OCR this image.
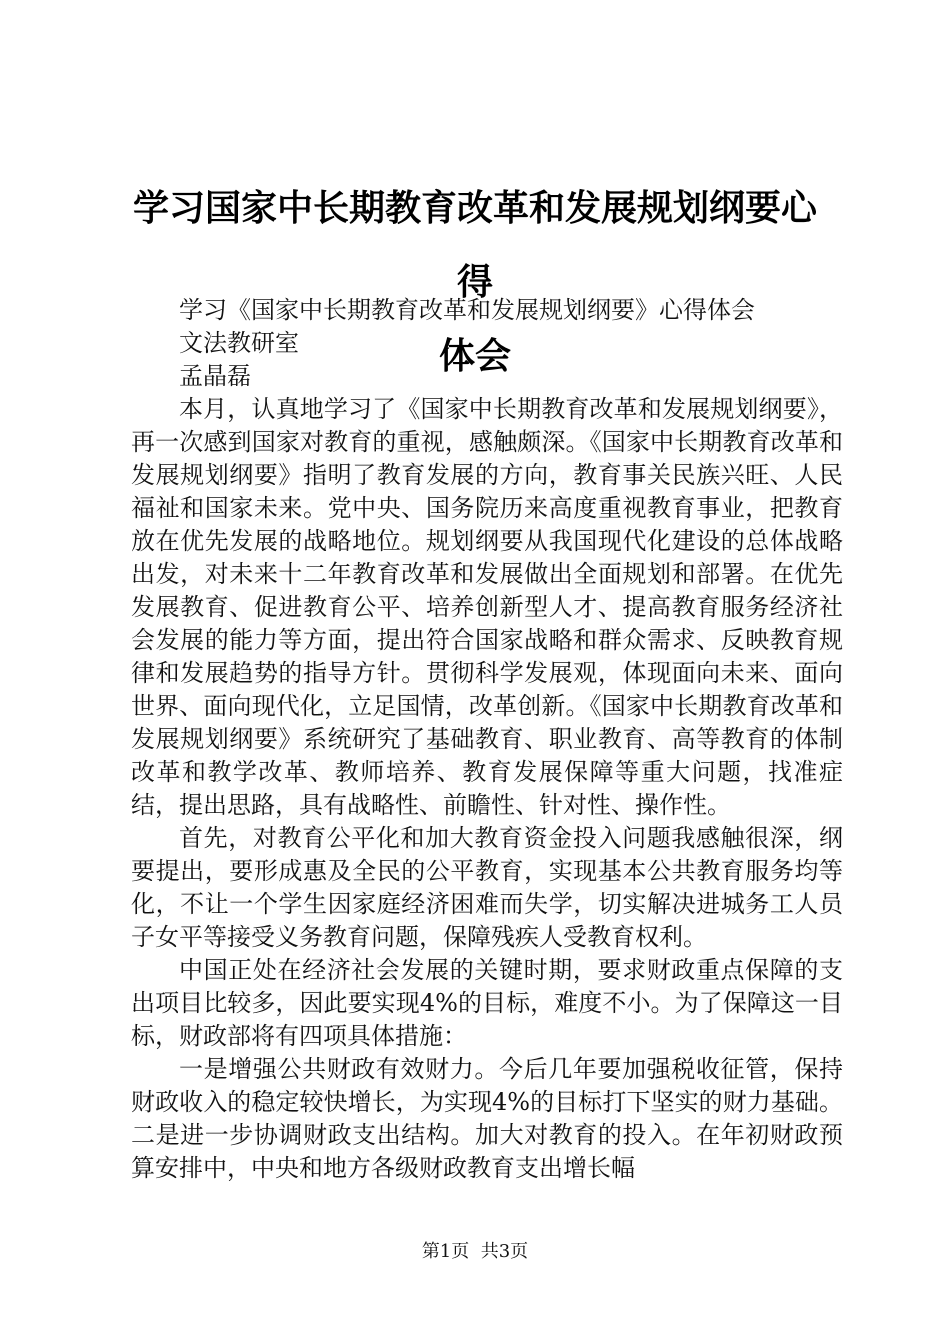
学习国家中长期教育改革和发展规划纲要心得
体会

学习《国家中长期教育改革和发展规划纲要》心得体会

文法教研室

孟晶磊

本月，认真地学习了《国家中长期教育改革和发展规划纲要》，再一次感到国家对教育的重视，感触颇深。《国家中长期教育改革和发展规划纲要》指明了教育发展的方向，教育事关民族兴旺、人民福祉和国家未来。党中央、国务院历来高度重视教育事业，把教育放在优先发展的战略地位。规划纲要从我国现代化建设的总体战略出发，对未来十二年教育改革和发展做出全面规划和部署。在优先发展教育、促进教育公平、培养创新型人才、提高教育服务经济社会发展的能力等方面，提出符合国家战略和群众需求、反映教育规律和发展趋势的指导方针。贯彻科学发展观，体现面向未来、面向世界、面向现代化，立足国情，改革创新。《国家中长期教育改革和发展规划纲要》系统研究了基础教育、职业教育、高等教育的体制改革和教学改革、教师培养、教育发展保障等重大问题，找准症结，提出思路，具有战略性、前瞻性、针对性、操作性。

首先，对教育公平化和加大教育资金投入问题我感触很深，纲要提出，要形成惠及全民的公平教育，实现基本公共教育服务均等化，不让一个学生因家庭经济困难而失学，切实解决进城务工人员子女平等接受义务教育问题，保障残疾人受教育权利。

中国正处在经济社会发展的关键时期，要求财政重点保障的支出项目比较多，因此要实现4%的目标，难度不小。为了保障这一目标，财政部将有四项具体措施：

一是增强公共财政有效财力。今后几年要加强税收征管，保持财政收入的稳定较快增长，为实现4%的目标打下坚实的财力基础。二是进一步协调财政支出结构。加大对教育的投入。在年初财政预算安排中，中央和地方各级财政教育支出增长幅

第1页 共3页
